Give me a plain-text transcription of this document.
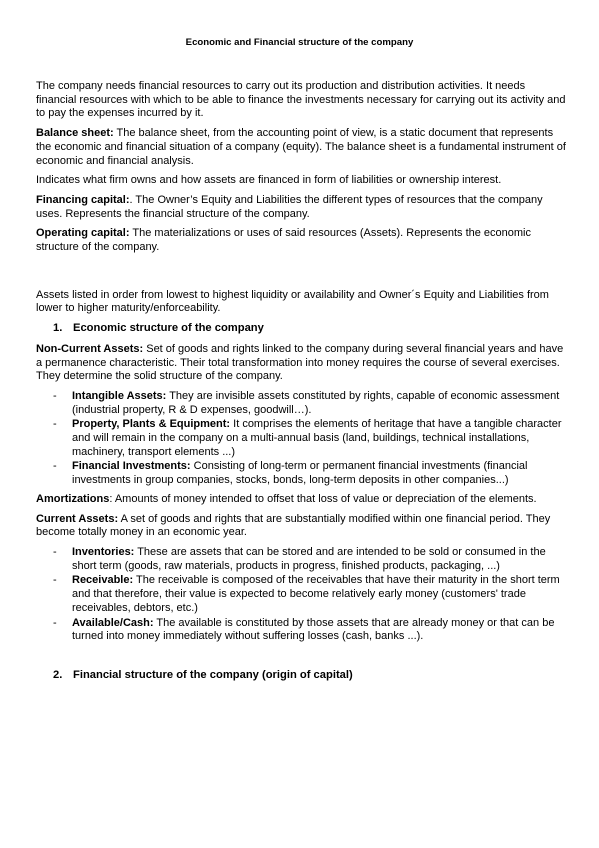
Economic and Financial structure of the company

The company needs financial resources to carry out its production and distribution activities. It needs financial resources with which to be able to finance the investments necessary for carrying out its activity and to pay the expenses incurred by it.

Balance sheet: The balance sheet, from the accounting point of view, is a static document that represents the economic and financial situation of a company (equity). The balance sheet is a fundamental instrument of economic and financial analysis.

Indicates what firm owns and how assets are financed in form of liabilities or ownership interest.

Financing capital:. The Owner’s Equity and Liabilities the different types of resources that the company uses. Represents the financial structure of the company.

Operating capital: The materializations or uses of said resources (Assets). Represents the economic structure of the company.

Assets listed in order from lowest to highest liquidity or availability and Owner´s Equity and Liabilities from lower to higher maturity/enforceability.

1. Economic structure of the company

Non-Current Assets: Set of goods and rights linked to the company during several financial years and have a permanence characteristic. Their total transformation into money requires the course of several exercises. They determine the solid structure of the company.

- Intangible Assets: They are invisible assets constituted by rights, capable of economic assessment (industrial property, R & D expenses, goodwill…).
- Property, Plants & Equipment: It comprises the elements of heritage that have a tangible character and will remain in the company on a multi-annual basis (land, buildings, technical installations, machinery, transport elements ...)
- Financial Investments: Consisting of long-term or permanent financial investments (financial investments in group companies, stocks, bonds, long-term deposits in other companies...)

Amortizations: Amounts of money intended to offset that loss of value or depreciation of the elements.

Current Assets: A set of goods and rights that are substantially modified within one financial period. They become totally money in an economic year.

- Inventories: These are assets that can be stored and are intended to be sold or consumed in the short term (goods, raw materials, products in progress, finished products, packaging, ...)
- Receivable: The receivable is composed of the receivables that have their maturity in the short term and that therefore, their value is expected to become relatively early money (customers' trade receivables, debtors, etc.)
- Available/Cash: The available is constituted by those assets that are already money or that can be turned into money immediately without suffering losses (cash, banks ...).
2. Financial structure of the company (origin of capital)
